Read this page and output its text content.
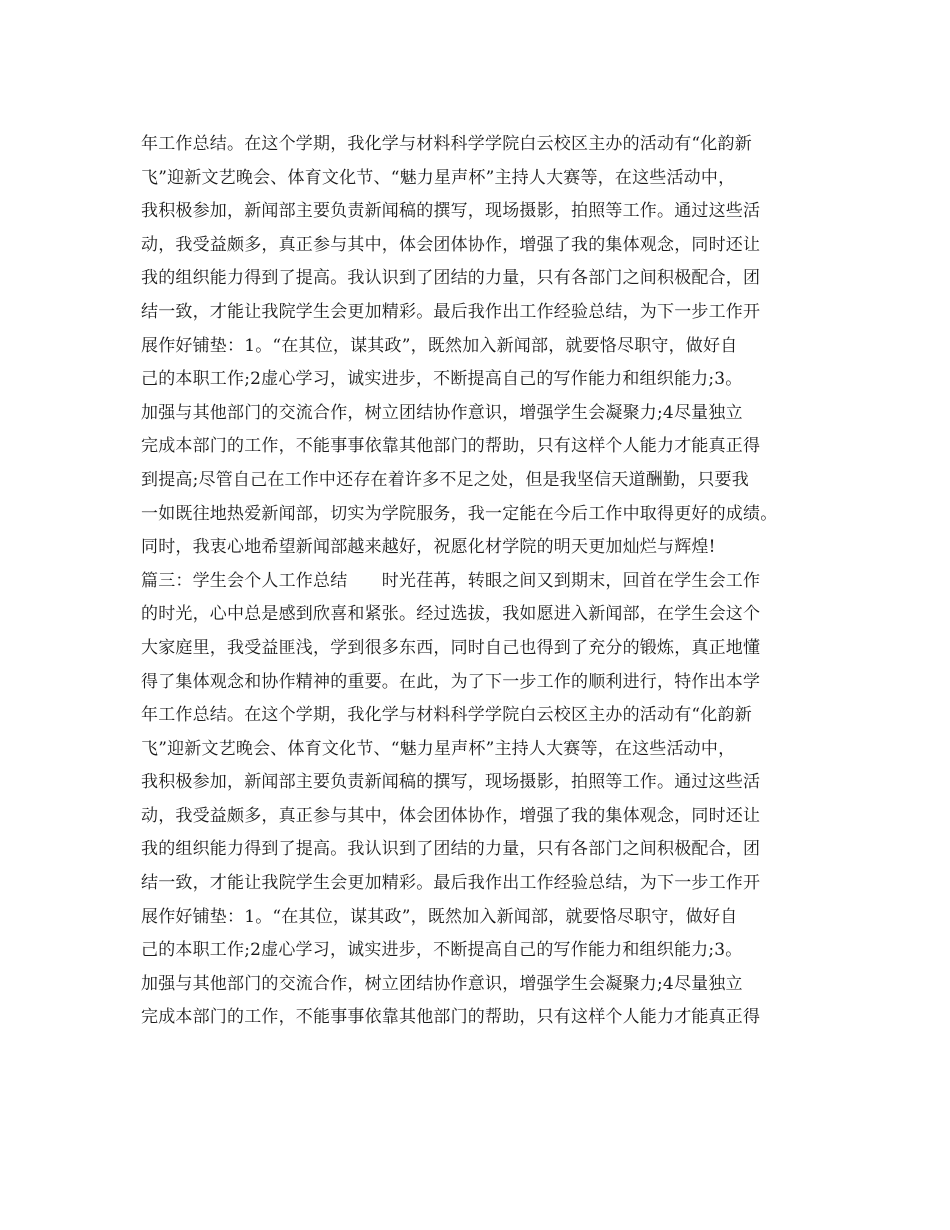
年工作总结。在这个学期，我化学与材料科学学院白云校区主办的活动有“化韵新
飞”迎新文艺晚会、体育文化节、“魅力星声杯”主持人大赛等，在这些活动中，
我积极参加，新闻部主要负责新闻稿的撰写，现场摄影，拍照等工作。通过这些活
动，我受益颇多，真正参与其中，体会团体协作，增强了我的集体观念，同时还让
我的组织能力得到了提高。我认识到了团结的力量，只有各部门之间积极配合，团
结一致，才能让我院学生会更加精彩。最后我作出工作经验总结，为下一步工作开
展作好铺垫：1。“在其位，谋其政”，既然加入新闻部，就要恪尽职守，做好自
己的本职工作;2虚心学习，诚实进步，不断提高自己的写作能力和组织能力;3。
加强与其他部门的交流合作，树立团结协作意识，增强学生会凝聚力;4尽量独立
完成本部门的工作，不能事事依靠其他部门的帮助，只有这样个人能力才能真正得
到提高;尽管自己在工作中还存在着许多不足之处，但是我坚信天道酬勤，只要我
一如既往地热爱新闻部，切实为学院服务，我一定能在今后工作中取得更好的成绩。
同时，我衷心地希望新闻部越来越好，祝愿化材学院的明天更加灿烂与辉煌!
篇三：学生会个人工作总结　　时光荏苒，转眼之间又到期末，回首在学生会工作
的时光，心中总是感到欣喜和紧张。经过选拔，我如愿进入新闻部，在学生会这个
大家庭里，我受益匪浅，学到很多东西，同时自己也得到了充分的锻炼，真正地懂
得了集体观念和协作精神的重要。在此，为了下一步工作的顺利进行，特作出本学
年工作总结。在这个学期，我化学与材料科学学院白云校区主办的活动有“化韵新
飞”迎新文艺晚会、体育文化节、“魅力星声杯”主持人大赛等，在这些活动中，
我积极参加，新闻部主要负责新闻稿的撰写，现场摄影，拍照等工作。通过这些活
动，我受益颇多，真正参与其中，体会团体协作，增强了我的集体观念，同时还让
我的组织能力得到了提高。我认识到了团结的力量，只有各部门之间积极配合，团
结一致，才能让我院学生会更加精彩。最后我作出工作经验总结，为下一步工作开
展作好铺垫：1。“在其位，谋其政”，既然加入新闻部，就要恪尽职守，做好自
己的本职工作;2虚心学习，诚实进步，不断提高自己的写作能力和组织能力;3。
加强与其他部门的交流合作，树立团结协作意识，增强学生会凝聚力;4尽量独立
完成本部门的工作，不能事事依靠其他部门的帮助，只有这样个人能力才能真正得
